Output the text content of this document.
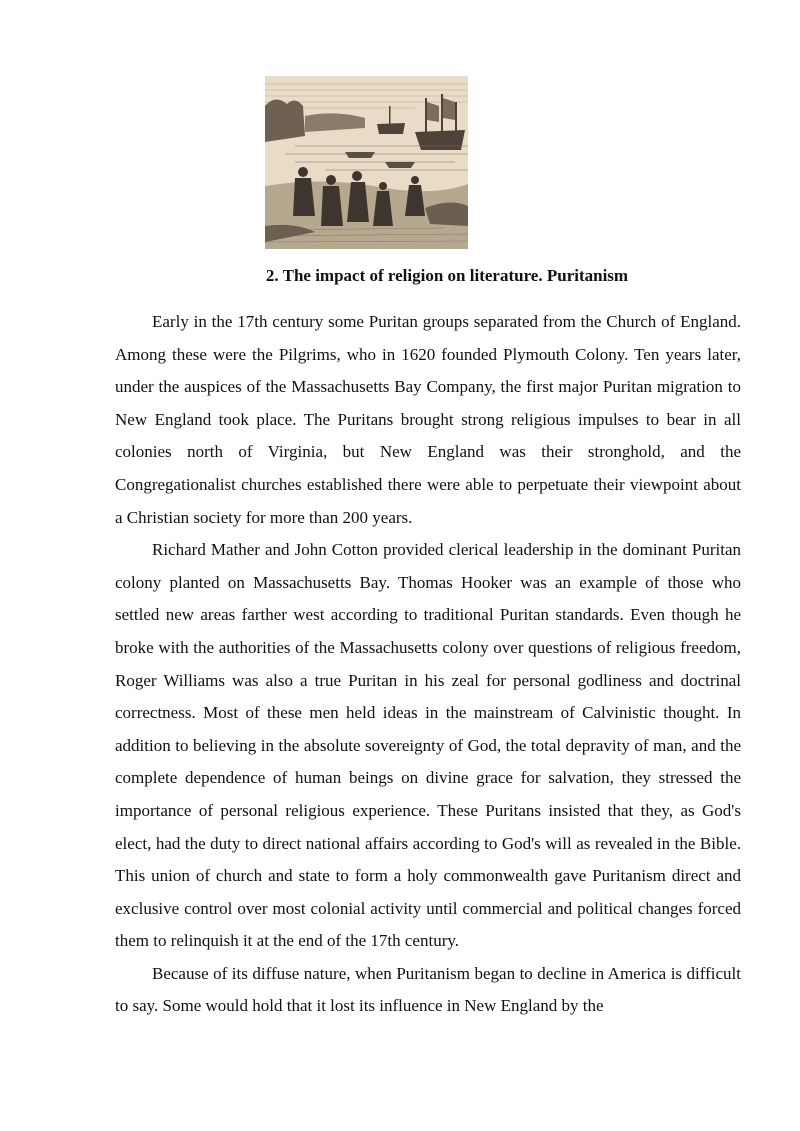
2. The impact of religion on literature. Puritanism

Early in the 17th century some Puritan groups separated from the Church of England. Among these were the Pilgrims, who in 1620 founded Plymouth Colony. Ten years later, under the auspices of the Massachusetts Bay Company, the first major Puritan migration to New England took place. The Puritans brought strong religious impulses to bear in all colonies north of Virginia, but New England was their stronghold, and the Congregationalist churches established there were able to perpetuate their viewpoint about a Christian society for more than 200 years.

Richard Mather and John Cotton provided clerical leadership in the dominant Puritan colony planted on Massachusetts Bay. Thomas Hooker was an example of those who settled new areas farther west according to traditional Puritan standards. Even though he broke with the authorities of the Massachusetts colony over questions of religious freedom, Roger Williams was also a true Puritan in his zeal for personal godliness and doctrinal correctness. Most of these men held ideas in the mainstream of Calvinistic thought. In addition to believing in the absolute sovereignty of God, the total depravity of man, and the complete dependence of human beings on divine grace for salvation, they stressed the importance of personal religious experience. These Puritans insisted that they, as God's elect, had the duty to direct national affairs according to God's will as revealed in the Bible. This union of church and state to form a holy commonwealth gave Puritanism direct and exclusive control over most colonial activity until commercial and political changes forced them to relinquish it at the end of the 17th century.

Because of its diffuse nature, when Puritanism began to decline in America is difficult to say. Some would hold that it lost its influence in New England by the
